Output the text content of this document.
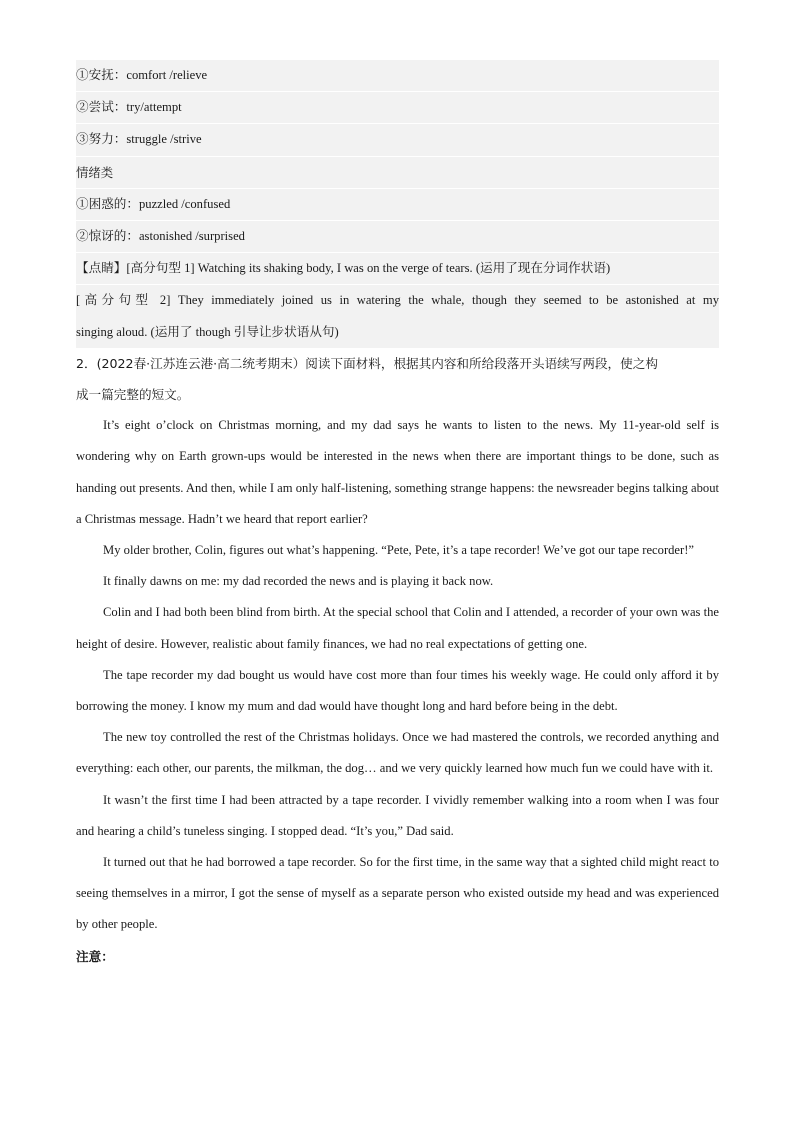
①安抚：comfort /relieve
②尝试：try/attempt
③努力：struggle /strive
情绪类
①困惑的：puzzled /confused
②惊讶的：astonished /surprised
【点睛】[高分句型 1] Watching its shaking body, I was on the verge of tears. (运用了现在分词作状语)
[高分句型 2] They immediately joined us in watering the whale, though they seemed to be astonished at my
singing aloud. (运用了 though 引导让步状语从句)
2．(2022春·江苏连云港·高二统考期末）阅读下面材料，根据其内容和所给段落开头语续写两段，使之构
成一篇完整的短文。
It’s eight o’clock on Christmas morning, and my dad says he wants to listen to the news. My 11-year-old self is wondering why on Earth grown-ups would be interested in the news when there are important things to be done, such as handing out presents. And then, while I am only half-listening, something strange happens: the newsreader begins talking about a Christmas message. Hadn’t we heard that report earlier?
My older brother, Colin, figures out what’s happening. “Pete, Pete, it’s a tape recorder! We’ve got our tape recorder!”
It finally dawns on me: my dad recorded the news and is playing it back now.
Colin and I had both been blind from birth. At the special school that Colin and I attended, a recorder of your own was the height of desire. However, realistic about family finances, we had no real expectations of getting one.
The tape recorder my dad bought us would have cost more than four times his weekly wage. He could only afford it by borrowing the money. I know my mum and dad would have thought long and hard before being in the debt.
The new toy controlled the rest of the Christmas holidays. Once we had mastered the controls, we recorded anything and everything: each other, our parents, the milkman, the dog… and we very quickly learned how much fun we could have with it.
It wasn’t the first time I had been attracted by a tape recorder. I vividly remember walking into a room when I was four and hearing a child’s tuneless singing. I stopped dead. “It’s you,” Dad said.
It turned out that he had borrowed a tape recorder. So for the first time, in the same way that a sighted child might react to seeing themselves in a mirror, I got the sense of myself as a separate person who existed outside my head and was experienced by other people.
注意：
